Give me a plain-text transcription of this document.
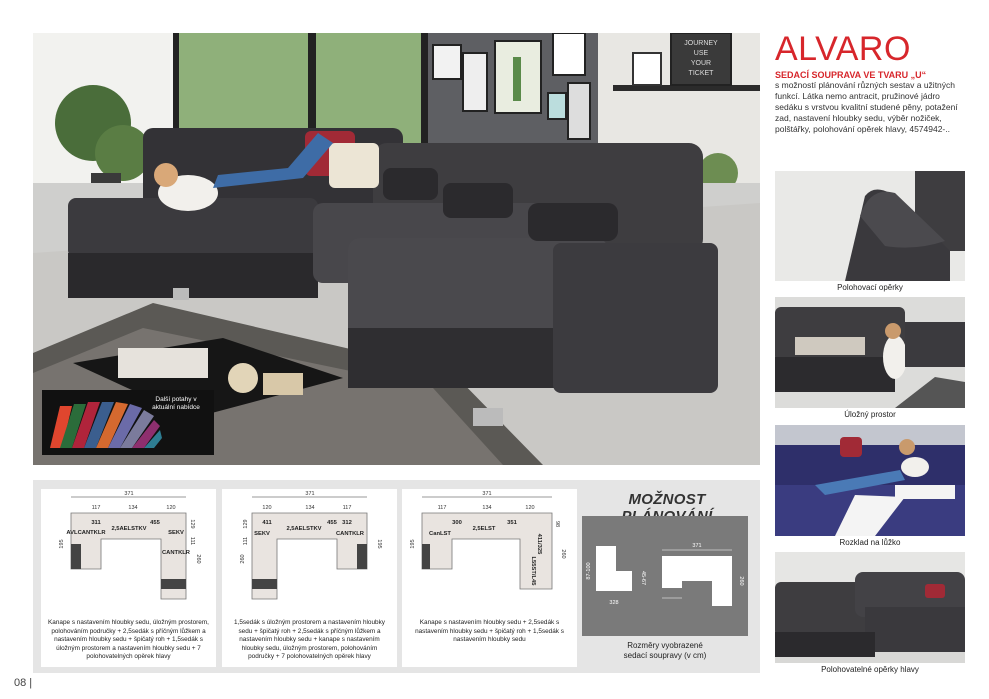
JOURNEY
USE
YOUR
TICKET
Další potahy v aktuální nabídce
ALVARO
SEDACÍ SOUPRAVA VE TVARU „U“
s možností plánování různých sestav a užitných funkcí. Látka nemo antracit, pružinové jádro sedáku s vrstvou kvalitní studené pěny, potažení zad, nastavení hloubky sedu, výběr nožiček, polštářky, polohování opěrek hlavy, 4574942-..
Polohovací opěrky
Úložný prostor
Rozklad na lůžko
Polohovatelné opěrky hlavy
371
117	134	120
311
2,5AELSTKV
455
AVLCANTKLR	SEKV
CANTKLR
195
260
129
111
Kanape s nastavením hloubky sedu, úložným prostorem, polohováním područky + 2,5sedák s příčným lůžkem a nastavením hloubky sedu + špičatý roh + 1,5sedák s úložným prostorem a nastavením hloubky sedu + 7 polohovatelných opěrek hlavy
371
120	134	117
411
2,5AELSTKV
455 312
SEKV	CANTKLR
260
195
129
111
1,5sedák s úložným prostorem a nastavením hloubky sedu + špičatý roh + 2,5sedák s příčným lůžkem a nastavením hloubky sedu + kanape s nastavením hloubky sedu, úložným prostorem, polohováním područky + 7 polohovatelných opěrek hlavy
371
117	134	120
300
2,5ELST
351
CanLST	411/325
L55ST/L45
195
260
98
Kanape s nastavením hloubky sedu + 2,5sedák s nastavením hloubky sedu + špičatý roh + 1,5sedák s nastavením hloubky sedu
MOŽNOST
87-100	45-67
371
260
328
Rozměry vyobrazené
sedací soupravy (v cm)
08 |
